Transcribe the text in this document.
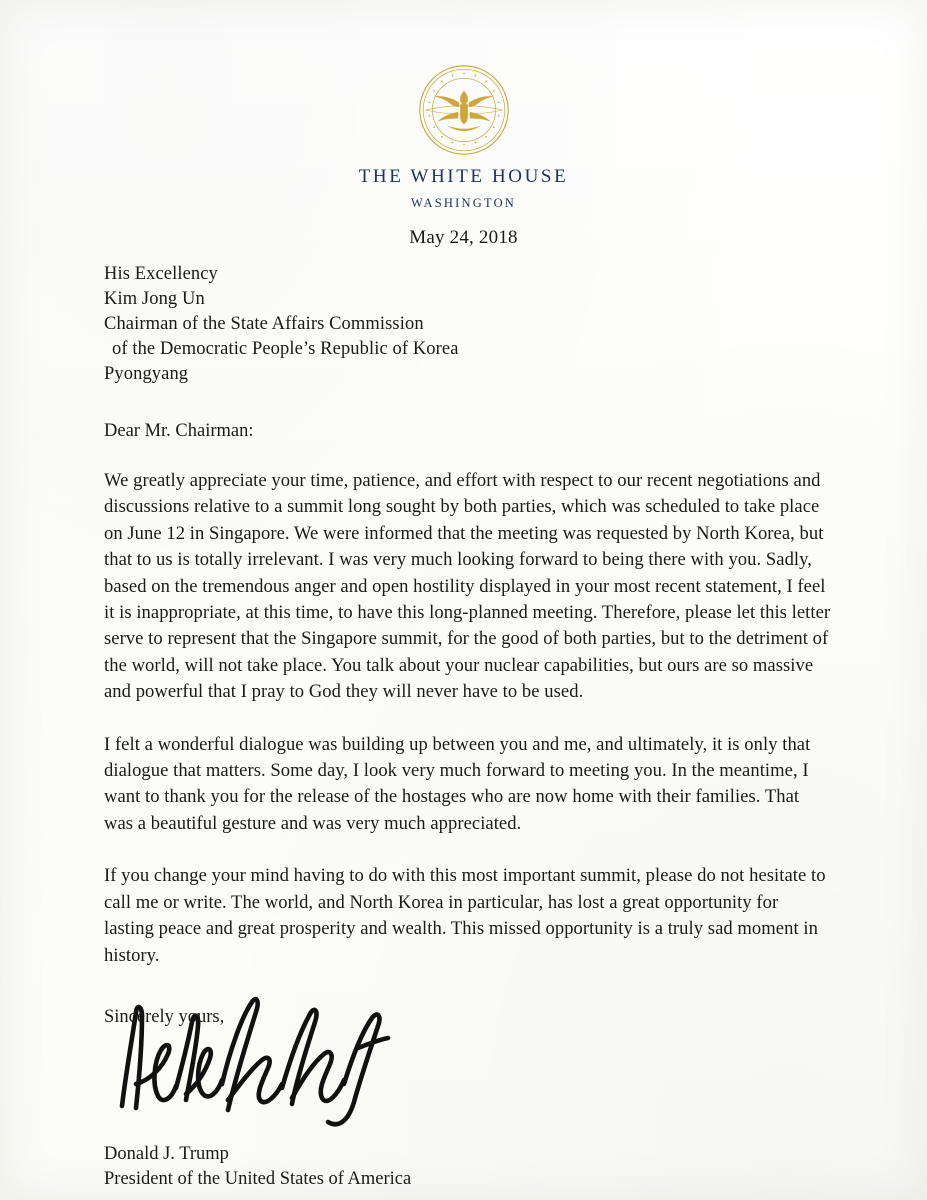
THE WHITE HOUSE
WASHINGTON
May 24, 2018
His Excellency
Kim Jong Un
Chairman of the State Affairs Commission
of the Democratic People’s Republic of Korea
Pyongyang
Dear Mr. Chairman:
We greatly appreciate your time, patience, and effort with respect to our recent negotiations and discussions relative to a summit long sought by both parties, which was scheduled to take place on June 12 in Singapore. We were informed that the meeting was requested by North Korea, but that to us is totally irrelevant. I was very much looking forward to being there with you. Sadly, based on the tremendous anger and open hostility displayed in your most recent statement, I feel it is inappropriate, at this time, to have this long-planned meeting. Therefore, please let this letter serve to represent that the Singapore summit, for the good of both parties, but to the detriment of the world, will not take place. You talk about your nuclear capabilities, but ours are so massive and powerful that I pray to God they will never have to be used.
I felt a wonderful dialogue was building up between you and me, and ultimately, it is only that dialogue that matters. Some day, I look very much forward to meeting you. In the meantime, I want to thank you for the release of the hostages who are now home with their families. That was a beautiful gesture and was very much appreciated.
If you change your mind having to do with this most important summit, please do not hesitate to call me or write. The world, and North Korea in particular, has lost a great opportunity for lasting peace and great prosperity and wealth. This missed opportunity is a truly sad moment in history.
Sincerely yours,
Donald J. Trump
President of the United States of America
